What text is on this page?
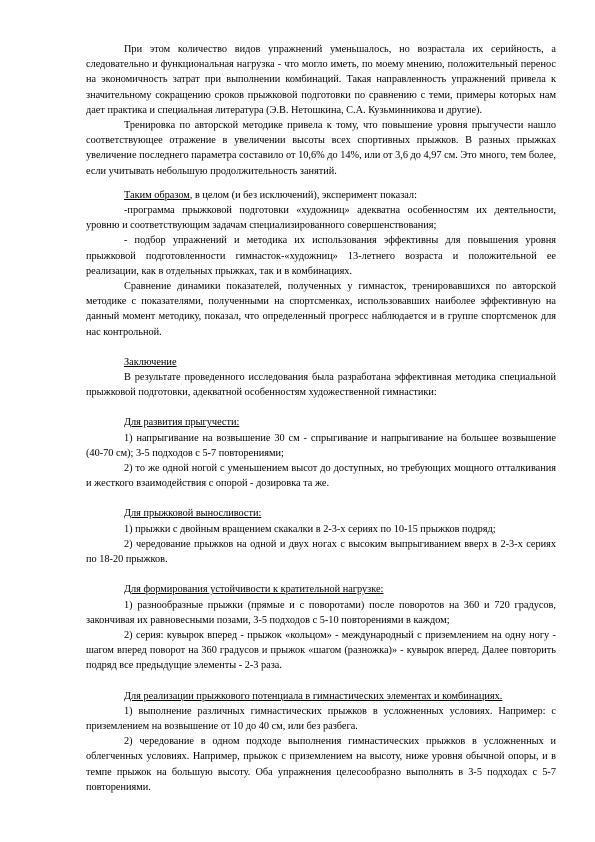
При этом количество видов упражнений уменьшалось, но возрастала их серийность, а следовательно и функциональная нагрузка - что могло иметь, по моему мнению, положительный перенос на экономичность затрат при выполнении комбинаций. Такая направленность упражнений привела к значительному сокращению сроков прыжковой подготовки по сравнению с теми, примеры которых нам дает практика и специальная литература (Э.В. Нетошкина, С.А. Кузьминникова и другие).

Тренировка по авторской методике привела к тому, что повышение уровня прыгучести нашло соответствующее отражение в увеличении высоты всех спортивных прыжков. В разных прыжках увеличение последнего параметра составило от 10,6% до 14%, или от 3,6 до 4,97 см. Это много, тем более, если учитывать небольшую продолжительность занятий.

Таким образом, в целом (и без исключений), эксперимент показал:

-программа прыжковой подготовки «художниц» адекватна особенностям их деятельности, уровню и соответствующим задачам специализированного совершенствования;

- подбор упражнений и методика их использования эффективны для повышения уровня прыжковой подготовленности гимнасток-«художниц» 13-летнего возраста и положительной ее реализации, как в отдельных прыжках, так и в комбинациях.

Сравнение динамики показателей, полученных у гимнасток, тренировавшихся по авторской методике с показателями, полученными на спортсменках, использовавших наиболее эффективную на данный момент методику, показал, что определенный прогресс наблюдается и в группе спортсменок для нас контрольной.

Заключение

В результате проведенного исследования была разработана эффективная методика специальной прыжковой подготовки, адекватной особенностям художественной гимнастики:

Для развития прыгучести:

1) напрыгивание на возвышение 30 см - спрыгивание и напрыгивание на большее возвышение (40-70 см); 3-5 подходов с 5-7 повторениями;

2) то же одной ногой с уменьшением высот до доступных, но требующих мощного отталкивания и жесткого взаимодействия с опорой - дозировка та же.

Для прыжковой выносливости:

1) прыжки с двойным вращением скакалки в 2-3-х сериях по 10-15 прыжков подряд;

2) чередование прыжков на одной и двух ногах с высоким выпрыгиванием вверх в 2-3-х сериях по 18-20 прыжков.

Для формирования устойчивости к кратительной нагрузке:

1) разнообразные прыжки (прямые и с поворотами) после поворотов на 360 и 720 градусов, закончивая их равновесными позами, 3-5 подходов с 5-10 повторениями в каждом;

2) серия: кувырок вперед - прыжок «кольцом» - международный с приземлением на одну ногу - шагом вперед поворот на 360 градусов и прыжок «шагом (разножка)» - кувырок вперед. Далее повторить подряд все предыдущие элементы - 2-3 раза.

Для реализации прыжкового потенциала в гимнастических элементах и комбинациях.

1) выполнение различных гимнастических прыжков в усложненных условиях. Например: с приземлением на возвышение от 10 до 40 см, или без разбега.

2) чередование в одном подходе выполнения гимнастических прыжков в усложненных и облегченных условиях. Например, прыжок с приземлением на высоту, ниже уровня обычной опоры, и в темпе прыжок на большую высоту. Оба упражнения целесообразно выполнять в 3-5 подходах с 5-7 повторениями.
